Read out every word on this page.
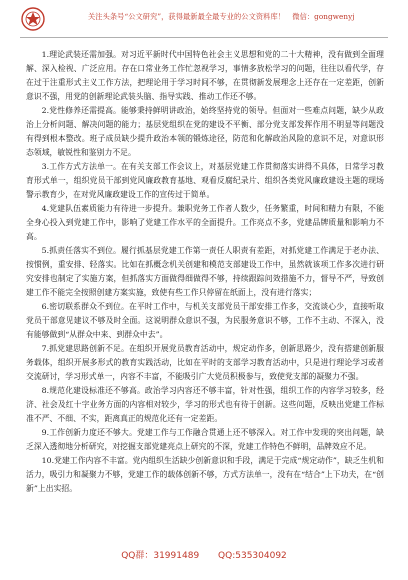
关注头条号“公文研究”，获得最新最全最专业的公文资料库！　微信：gongwenyj

1.理论武装还需加强。对习近平新时代中国特色社会主义思想和党的二十大精神，没有做到全面理解、深入检视、广泛应用。存在口常业务工作忙忽视学习，事情多放松学习的问题，往往以看代学，存在过于注重形式主义工作方法，把理论用于学习时间不够，在贯彻新发展理念上还存在一定差距，创新意识不强，用党的创新理论武装头脑、指导实践、推动工作还不够。

2.党性修养还需提高。能够秉持鲜明讲政治，始终坚持党的领导。但面对一些难点问题，缺少从政治上分析问题、解决问题的能力；基层党组织在党的建设不平衡、部分党支部发挥作用不明显等问题没有得到根本整改。班子成员缺少提升政治本领的锻炼途径，防范和化解政治风险的意识不足，对意识形态领域，敏锐性和鉴别力不足。

3.工作方式方法单一。在有关支部工作会议上，对基层党建工作贯彻落实讲得不具体，日常学习教育形式单一，组织党员干部到党风廉政教育基地、观看反腐纪录片、组织各类党风廉政建设主题的现场警示教育少，在对党风廉政建设工作的宣传过于简单。

4.党建队伍素质能力有待进一步提升。兼职党务工作者人数少，任务繁重，时间和精力有限，不能全身心投入到党建工作中，影响了党建工作水平的全面提升。工作亮点不多，党建品牌质量和影响力不高。

5.抓责任落实不到位。履行抓基层党建工作第一责任人职责有差距，对抓党建工作满足于老办法、按惯例，重安排、轻落实。比如在抓概念机关创建和模范支部建设工作中，虽然就该项工作多次进行研究安排也制定了实施方案，但抓落实方面做得细做得不够，持续跟踪问效措施不力，督导不严，导致创建工作不能完全按照创建方案实施，致使有些工作只停留在纸面上，没有进行落实；

6.密切联系群众不到位。在平时工作中，与机关支部党员干部安排工作多，交流谈心少，直接听取党员干部意见建议不够及时全面。这说明群众意识不强，为民服务意识不够，工作不主动、不深入，没有能够做到“从群众中来、到群众中去”。

7.抓党建思路创新不足。在组织开展党员教育活动中，规定动作多，创新思路少，没有搭建创新服务载体，组织开展多形式的教育实践活动，比如在平时的支部学习教育活动中，只是进行理论学习或者交流研讨，学习形式单一，内容不丰富，不能吸引广大党员积极参与，致使党支部的凝聚力不强。

8.规范化建设标准还不够高。政治学习内容还不够丰富，针对性强，组织工作的内容学习较多，经济、社会及红十字业务方面的内容相对较少，学习的形式也有待于创新。这些问题，反映出党建工作标准不严、不细、不实，距离真正的规范化还有一定差距。

9.工作创新力度还不够大。党建工作与工作融合贯通上还不够深入。对工作中发现的突出问题，缺乏深入透彻地分析研究，对挖掘支部党建亮点上研究的不深，党建工作特色不鲜明，品牌效应不足。

10.党建工作内容不丰富。党内组织生活缺少创新意识和手段，满足于完成“规定动作”，缺乏生机和活力，吸引力和凝聚力不够，党建工作的载体创新不够，方式方法单一，没有在“结合”上下功夫，在“创新”上出实招。

QQ群：31991489 QQ:535304092
